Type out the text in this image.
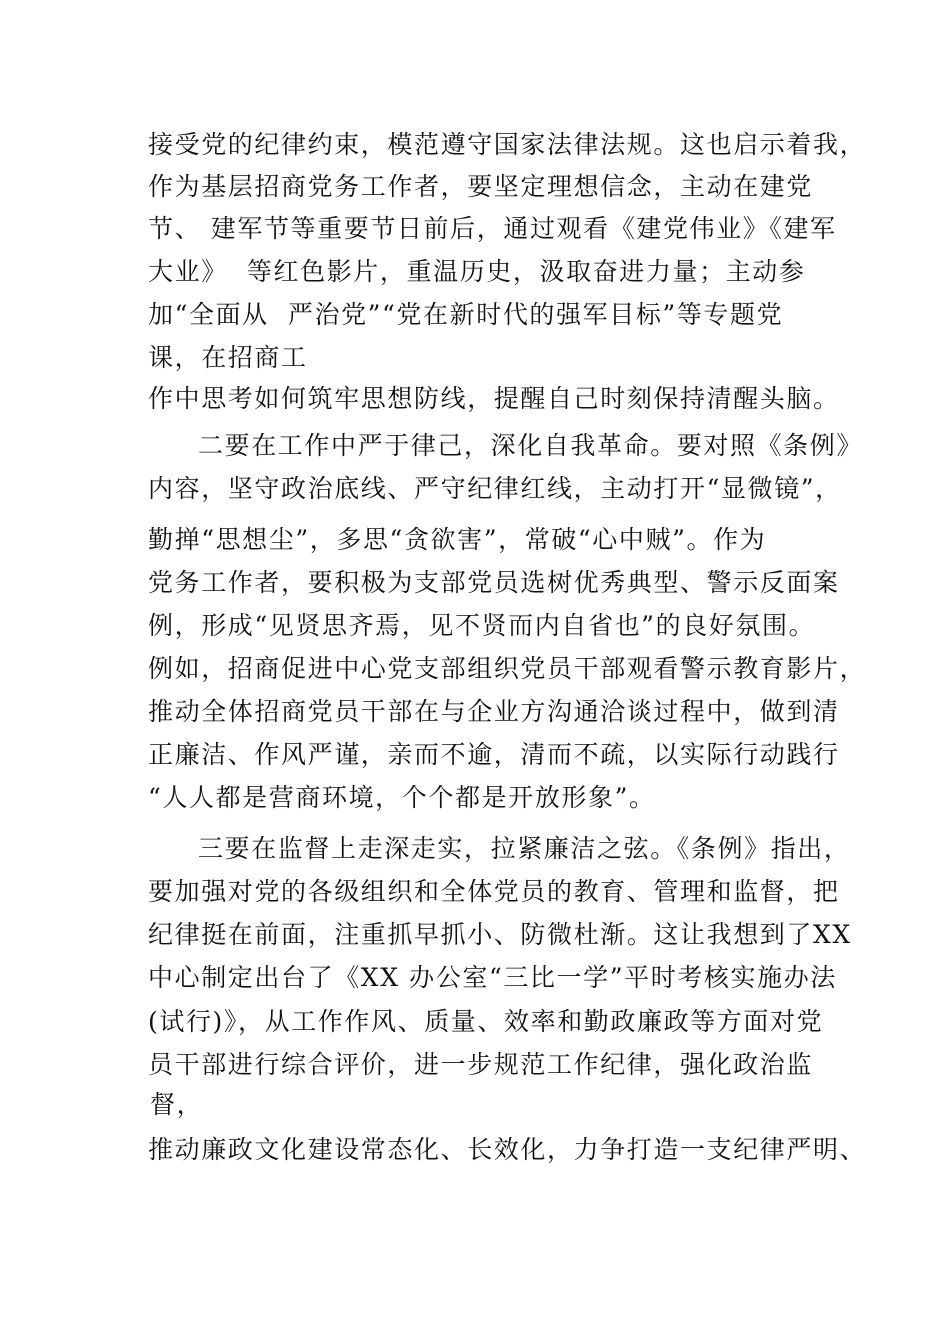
接受党的纪律约束，模范遵守国家法律法规。这也启示着我，
作为基层招商党务工作者，要坚定理想信念，主动在建党
节、 建军节等重要节日前后，通过观看《建党伟业》《建军
大业》  等红色影片，重温历史，汲取奋进力量；主动参
加“全面从  严治党”“党在新时代的强军目标”等专题党
课，在招商工
作中思考如何筑牢思想防线，提醒自己时刻保持清醒头脑。
二要在工作中严于律己，深化自我革命。要对照《条例》
内容，坚守政治底线、严守纪律红线，主动打开“显微镜”，
勤掸“思想尘”，多思“贪欲害”，常破“心中贼”。作为
党务工作者，要积极为支部党员选树优秀典型、警示反面案
例，形成“见贤思齐焉，见不贤而内自省也”的良好氛围。
例如，招商促进中心党支部组织党员干部观看警示教育影片，
推动全体招商党员干部在与企业方沟通洽谈过程中，做到清
正廉洁、作风严谨，亲而不逾，清而不疏，以实际行动践行
“人人都是营商环境，个个都是开放形象”。
三要在监督上走深走实，拉紧廉洁之弦。《条例》指出，
要加强对党的各级组织和全体党员的教育、管理和监督，把
纪律挺在前面，注重抓早抓小、防微杜渐。这让我想到了XX
中心制定出台了《XX 办公室“三比一学”平时考核实施办法
(试行)》，从工作作风、质量、效率和勤政廉政等方面对党
员干部进行综合评价，进一步规范工作纪律，强化政治监
督，
推动廉政文化建设常态化、长效化，力争打造一支纪律严明、
